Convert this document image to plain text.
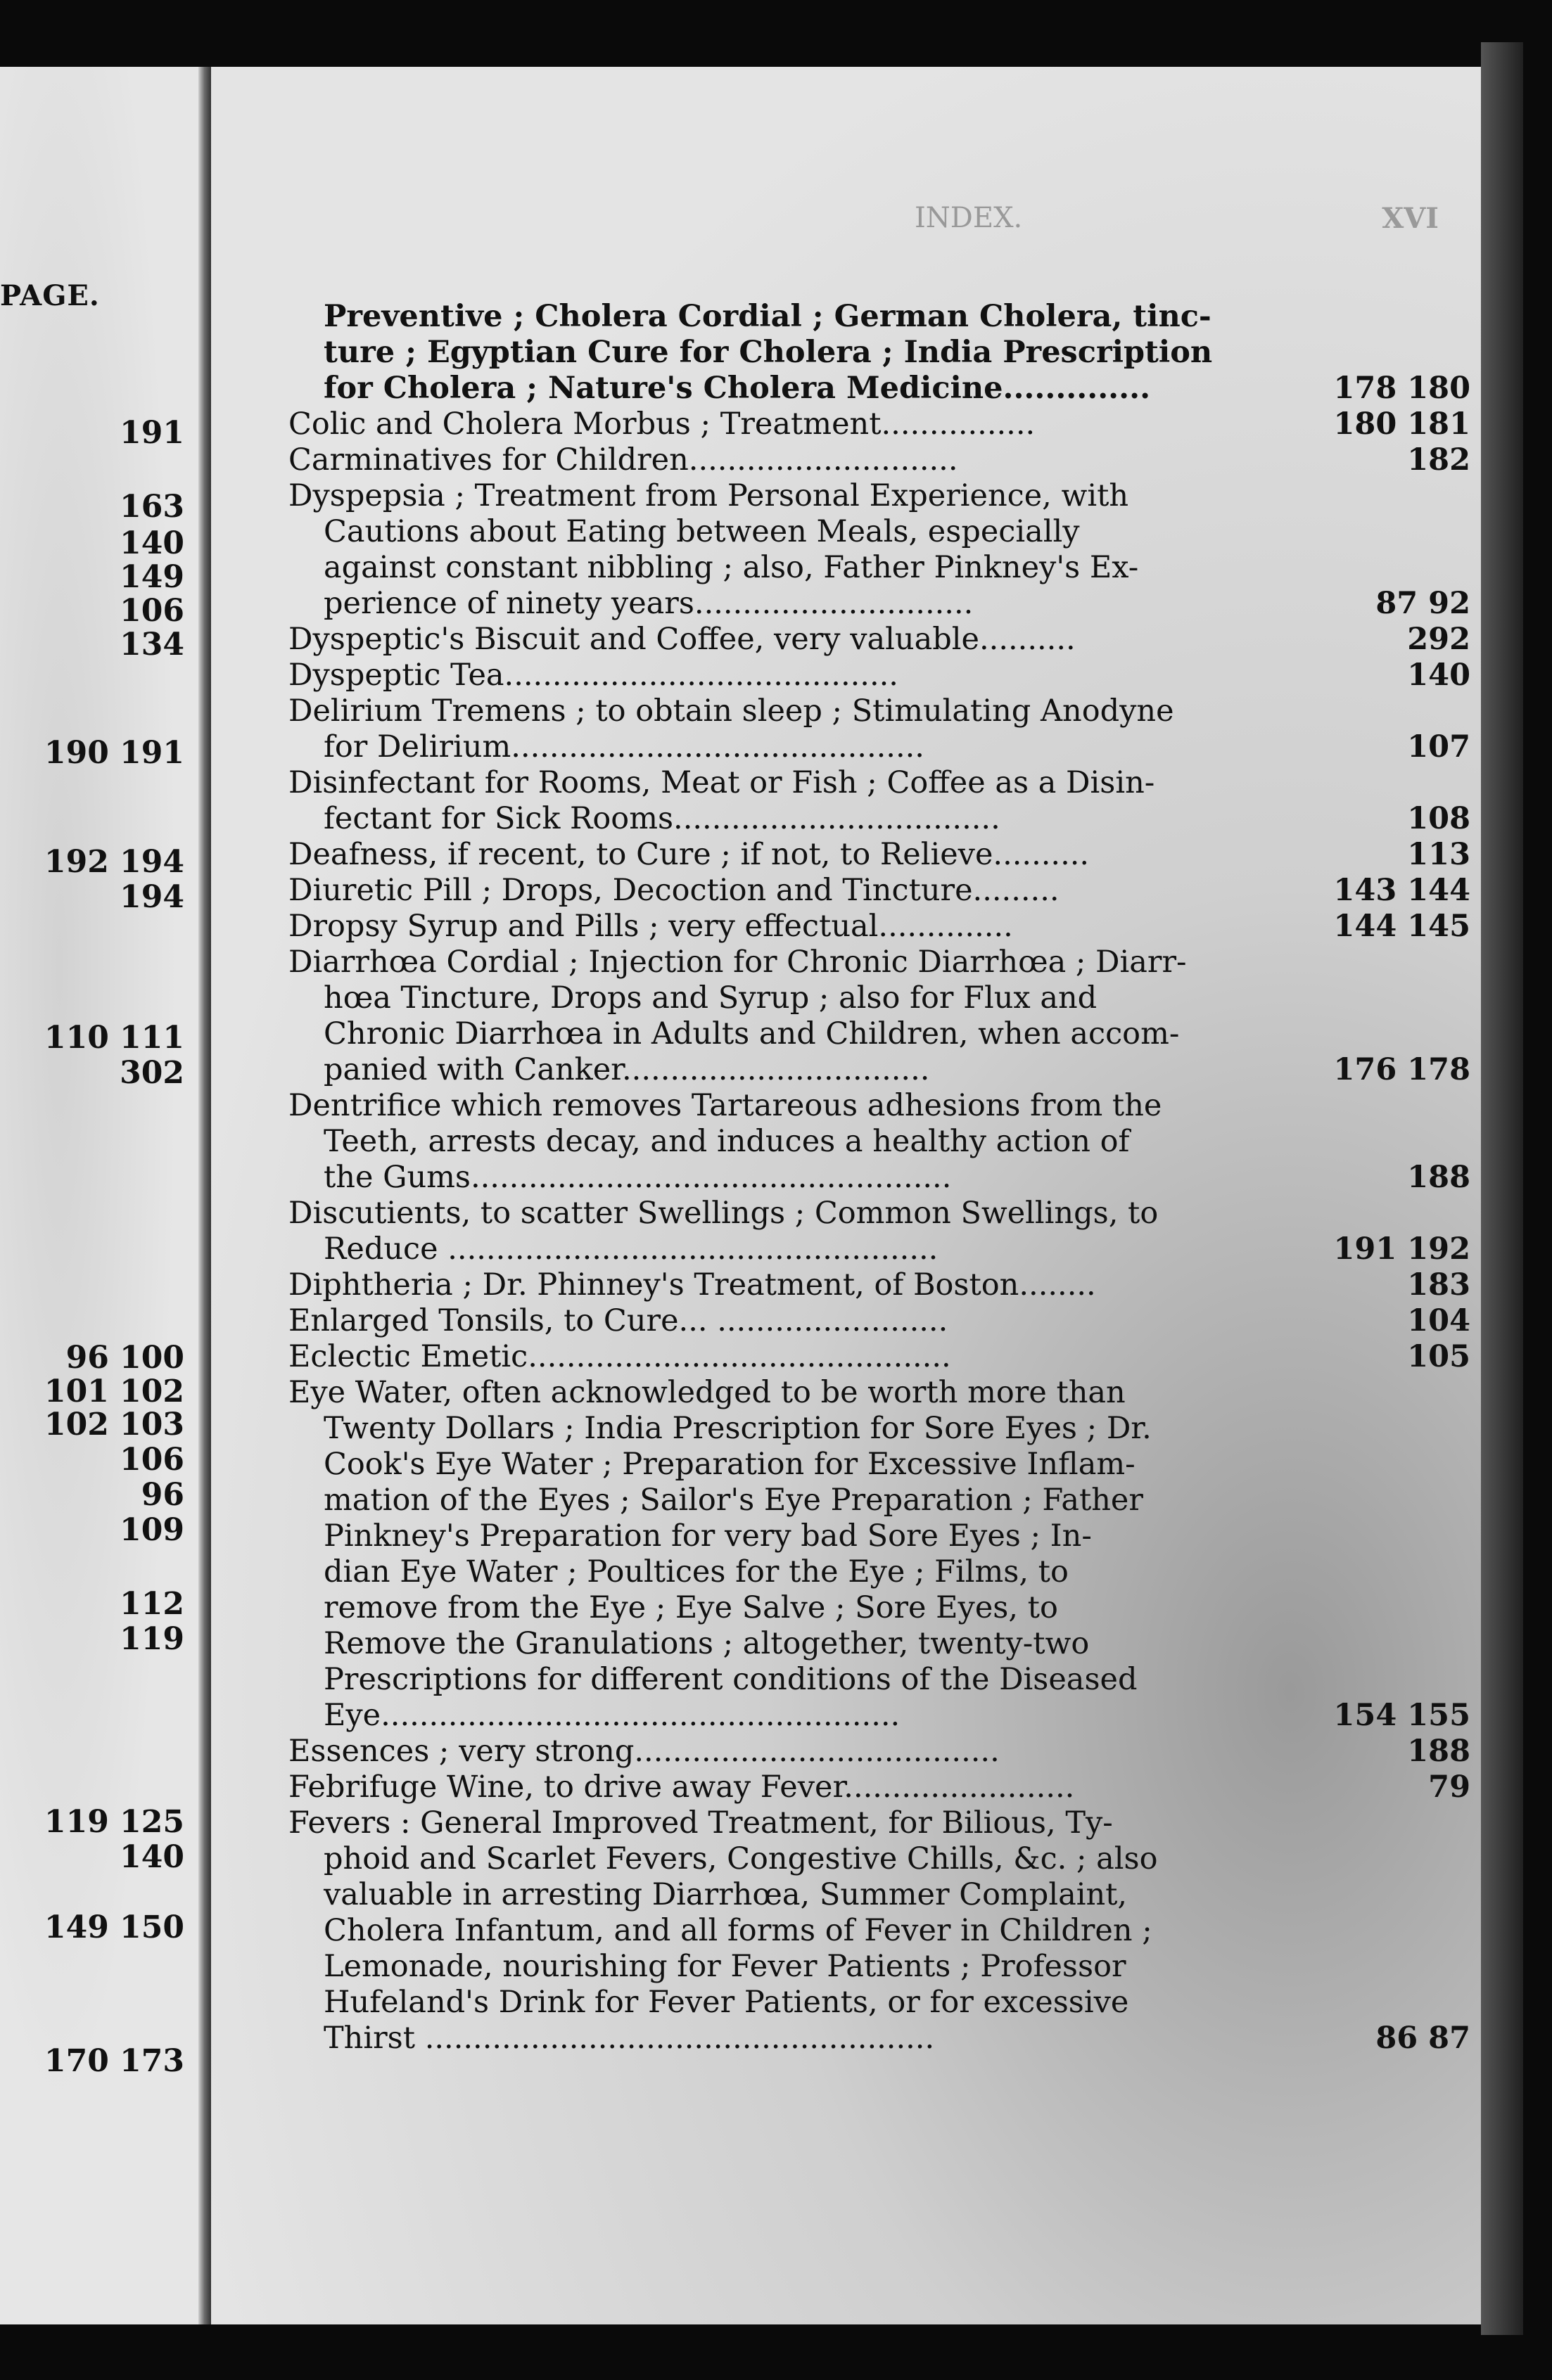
PAGE.
191
163
140
149
106
134
190 191
192 194
194
110 111
302
96 100
101 102
102 103
106
96
109
112
119
119 125
140
149 150
170 173
INDEX.	XVI
Preventive ; Cholera Cordial ; German Cholera, tinc-
ture ; Egyptian Cure for Cholera ; India Prescription
for Cholera ; Nature's Cholera Medicine..............	178 180
Colic and Cholera Morbus ; Treatment................	180 181
Carminatives for Children............................	182
Dyspepsia ; Treatment from Personal Experience, with
Cautions about Eating between Meals, especially
against constant nibbling ; also, Father Pinkney's Ex-
perience of ninety years.............................	87 92
Dyspeptic's Biscuit and Coffee, very valuable..........	292
Dyspeptic Tea.........................................	140
Delirium Tremens ; to obtain sleep ; Stimulating Anodyne
for Delirium...........................................	107
Disinfectant for Rooms, Meat or Fish ; Coffee as a Disin-
fectant for Sick Rooms..................................	108
Deafness, if recent, to Cure ; if not, to Relieve..........	113
Diuretic Pill ; Drops, Decoction and Tincture.........	143 144
Dropsy Syrup and Pills ; very effectual..............	144 145
Diarrhœa Cordial ; Injection for Chronic Diarrhœa ; Diarr-
hœa Tincture, Drops and Syrup ; also for Flux and
Chronic Diarrhœa in Adults and Children, when accom-
panied with Canker................................	176 178
Dentrifice which removes Tartareous adhesions from the
Teeth, arrests decay, and induces a healthy action of
the Gums..................................................	188
Discutients, to scatter Swellings ; Common Swellings, to
Reduce ...................................................	191 192
Diphtheria ; Dr. Phinney's Treatment, of Boston........	183
Enlarged Tonsils, to Cure... ........................	104
Eclectic Emetic............................................	105
Eye Water, often acknowledged to be worth more than
Twenty Dollars ; India Prescription for Sore Eyes ; Dr.
Cook's Eye Water ; Preparation for Excessive Inflam-
mation of the Eyes ; Sailor's Eye Preparation ; Father
Pinkney's Preparation for very bad Sore Eyes ; In-
dian Eye Water ; Poultices for the Eye ; Films, to
remove from the Eye ; Eye Salve ; Sore Eyes, to
Remove the Granulations ; altogether, twenty-two
Prescriptions for different conditions of the Diseased
Eye......................................................	154 155
Essences ; very strong......................................	188
Febrifuge Wine, to drive away Fever........................	79
Fevers : General Improved Treatment, for Bilious, Ty-
phoid and Scarlet Fevers, Congestive Chills, &c. ; also
valuable in arresting Diarrhœa, Summer Complaint,
Cholera Infantum, and all forms of Fever in Children ;
Lemonade, nourishing for Fever Patients ; Professor
Hufeland's Drink for Fever Patients, or for excessive
Thirst .....................................................	86 87
